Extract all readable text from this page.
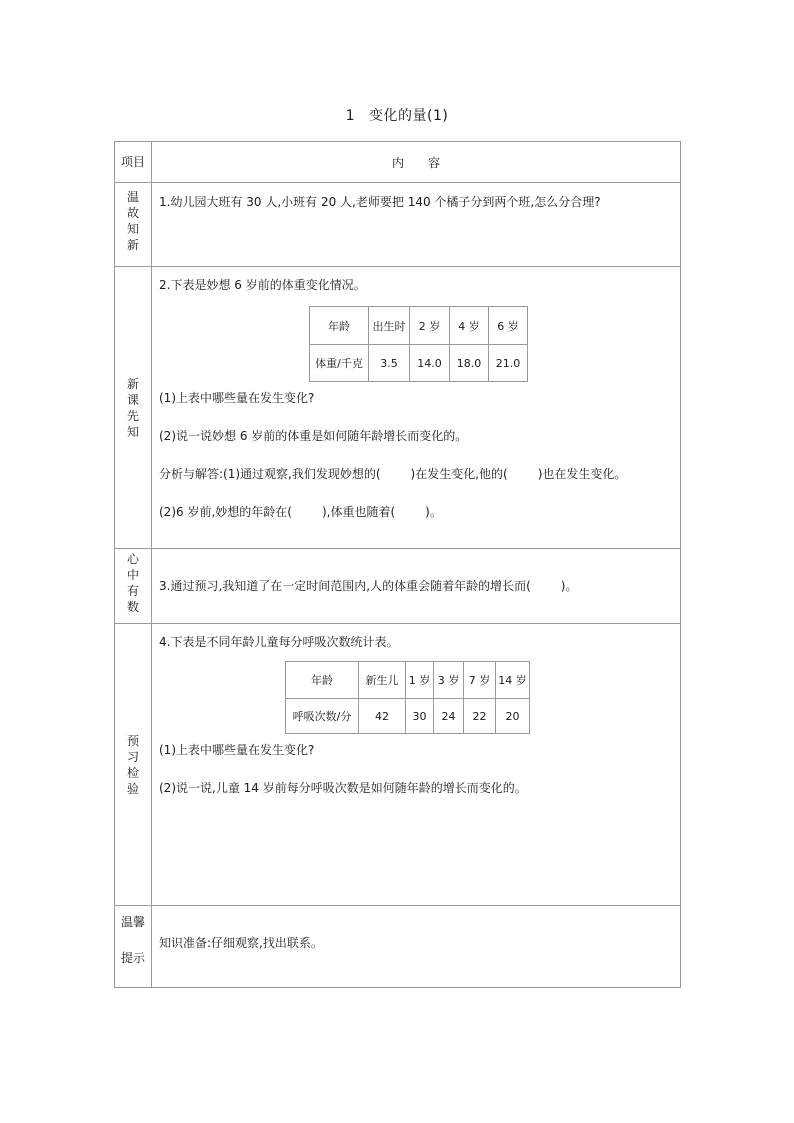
1 变化的量(1)
项目	内　　容

温
故
知
新

1.幼儿园大班有 30 人,小班有 20 人,老师要把 140 个橘子分到两个班,怎么分合理?

新
课
先
知

2.下表是妙想 6 岁前的体重变化情况。

年龄	出生时	2 岁	4 岁	6 岁
体重/千克	3.5	14.0	18.0	21.0

(1)上表中哪些量在发生变化?

(2)说一说妙想 6 岁前的体重是如何随年龄增长而变化的。

分析与解答:(1)通过观察,我们发现妙想的(	)在发生变化,他的(	)也在发生变化。

(2)6 岁前,妙想的年龄在(	),体重也随着(	)。

心
中
有
数

3.通过预习,我知道了在一定时间范围内,人的体重会随着年龄的增长而(	)。

预
习
检
验

4.下表是不同年龄儿童每分呼吸次数统计表。

年龄	新生儿	1 岁	3 岁	7 岁	14 岁
呼吸次数/分	42	30	24	22	20

(1)上表中哪些量在发生变化?

(2)说一说,儿童 14 岁前每分呼吸次数是如何随年龄的增长而变化的。

温馨
提示

知识准备:仔细观察,找出联系。
